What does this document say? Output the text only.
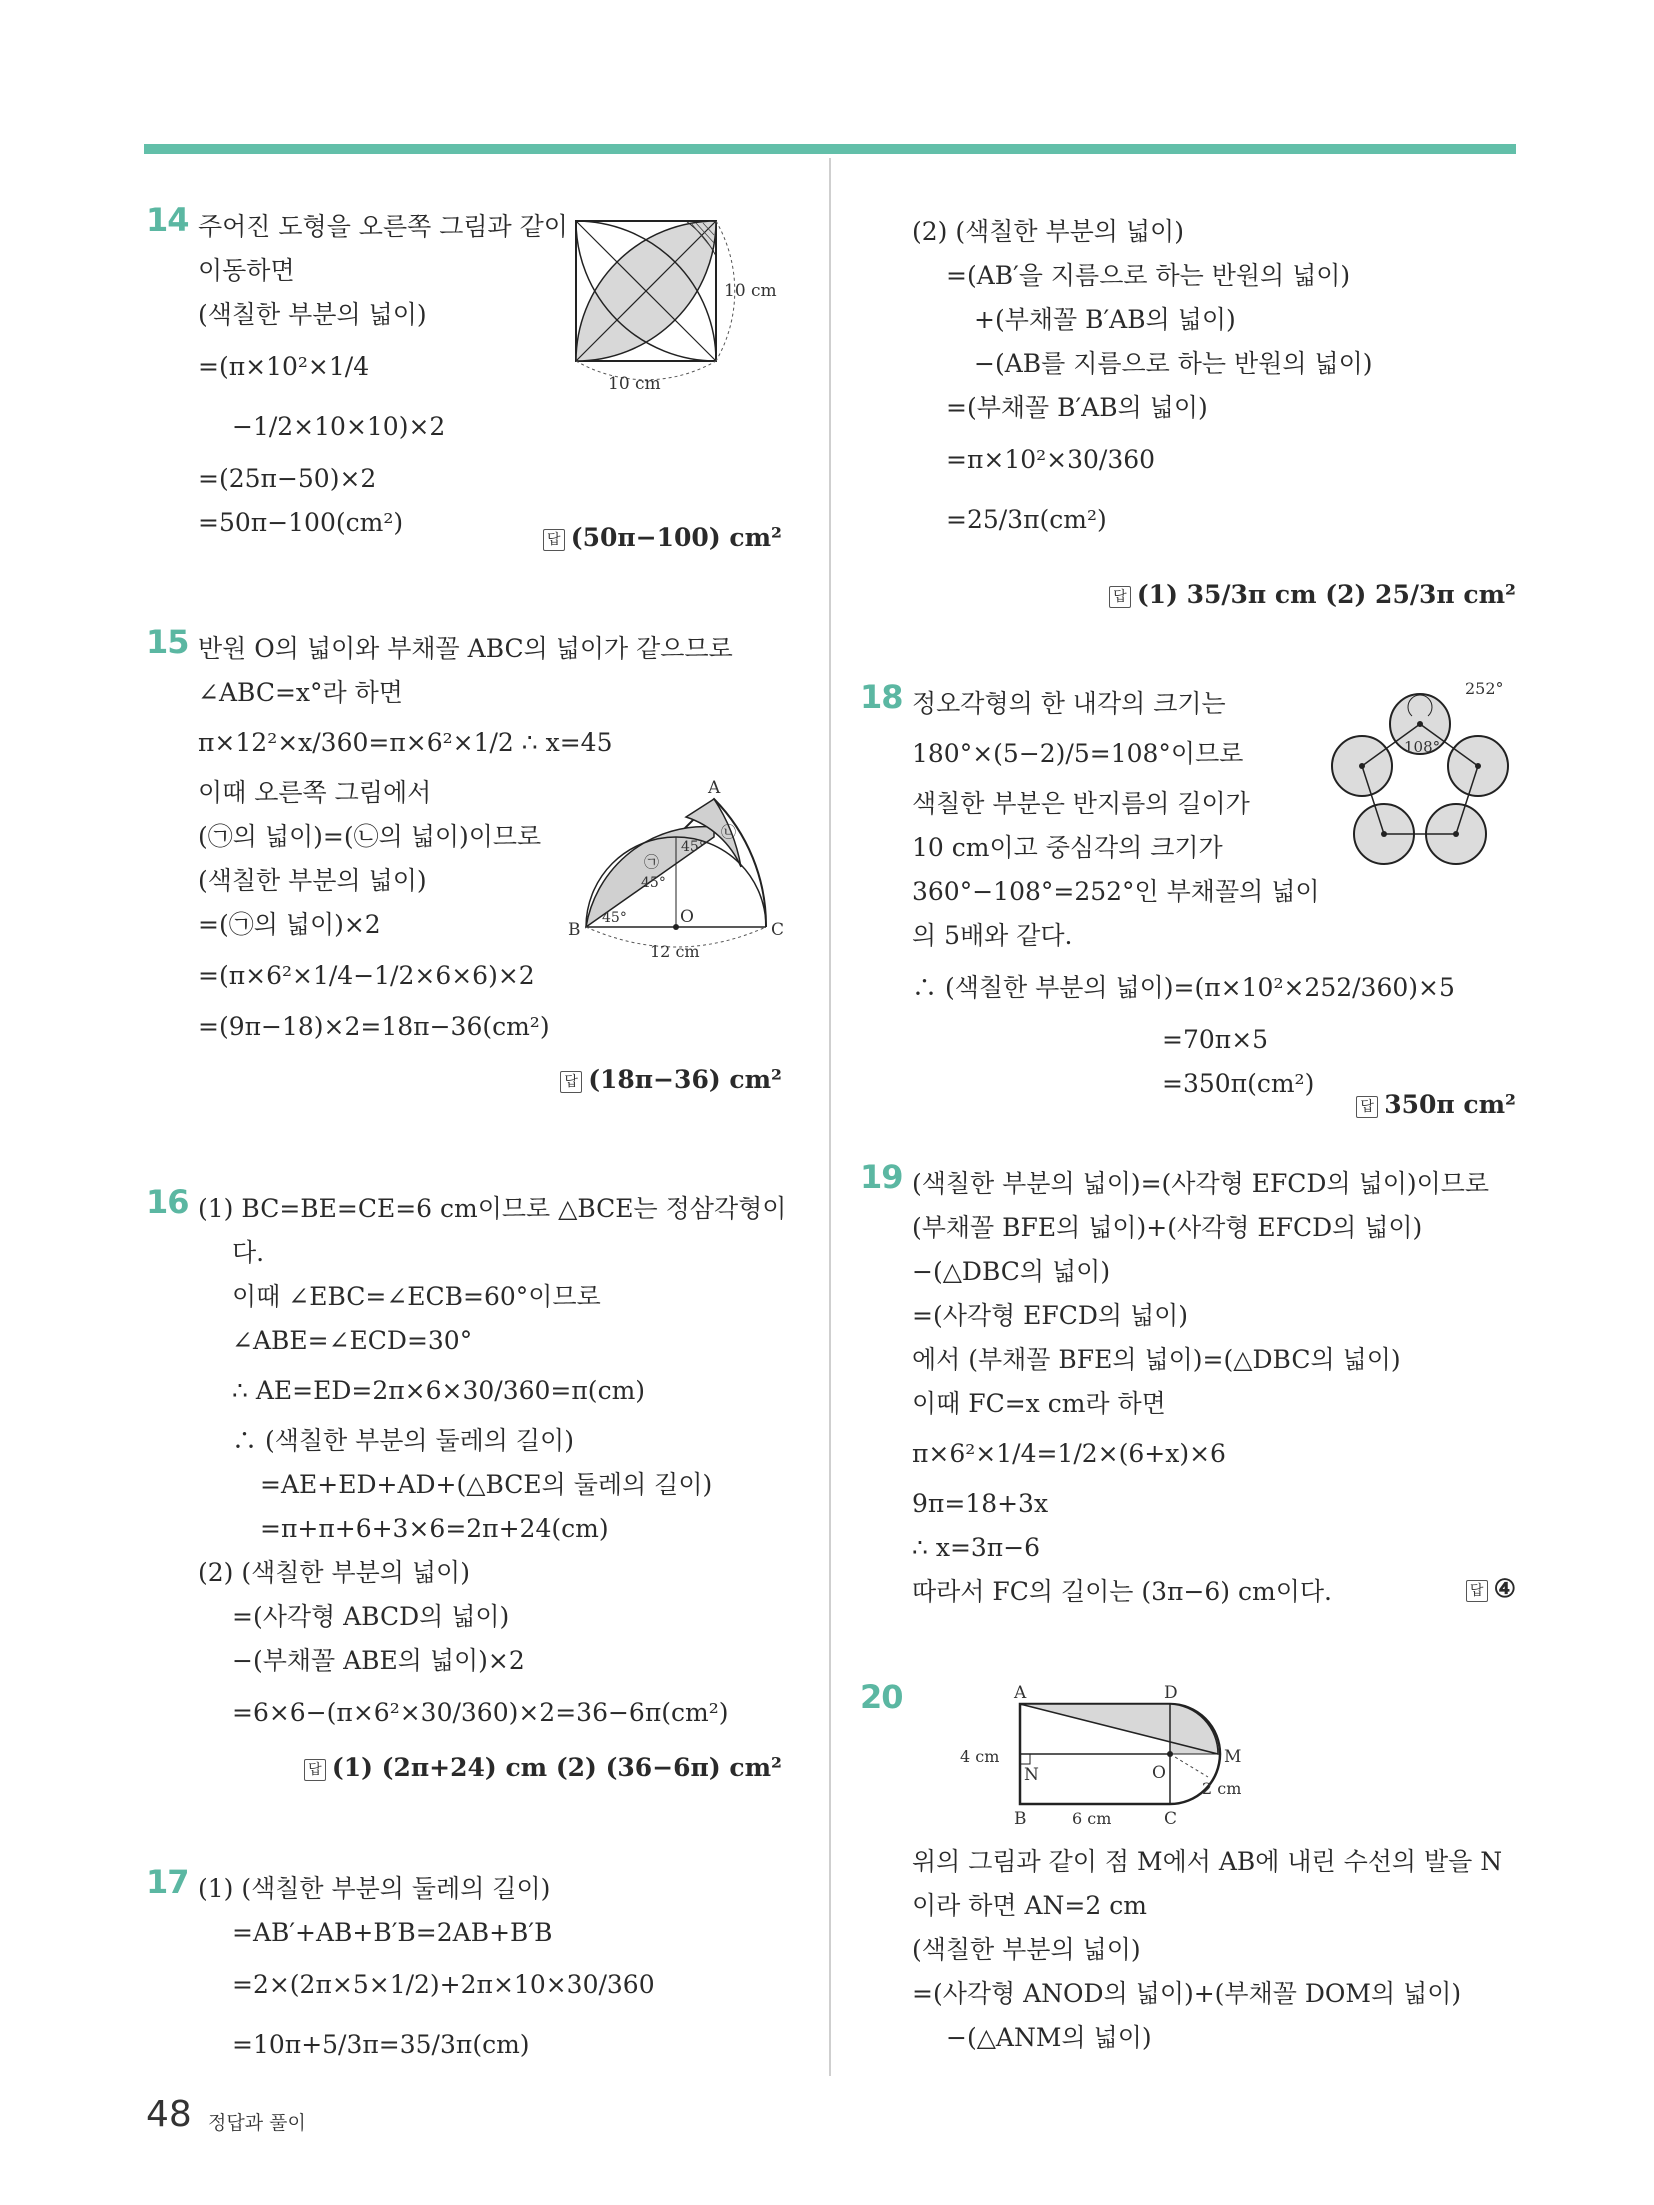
14 주어진 도형을 오른쪽 그림과 같이
이동하면
(색칠한 부분의 넓이)
=(π×10²×1/4
−1/2×10×10)×2
=(25π−50)×2
=50π−100(cm²)
답 (50π−100) cm²
10 cm
10 cm
15 반원 O의 넓이와 부채꼴 ABC의 넓이가 같으므로
∠ABC=x°라 하면
π×12²×x/360=π×6²×1/2 ∴ x=45
이때 오른쪽 그림에서
(㉠의 넓이)=(㉡의 넓이)이므로
(색칠한 부분의 넓이)
=(㉠의 넓이)×2
=(π×6²×1/4−1/2×6×6)×2
=(9π−18)×2=18π−36(cm²)
답 (18π−36) cm²
A
B	C
O
45°
45°
45°
㉠
㉡
12 cm
16 (1) BC=BE=CE=6 cm이므로 △BCE는 정삼각형이
다.
이때 ∠EBC=∠ECB=60°이므로
∠ABE=∠ECD=30°
∴ AE=ED=2π×6×30/360=π(cm)
∴ (색칠한 부분의 둘레의 길이)
=AE+ED+AD+(△BCE의 둘레의 길이)
=π+π+6+3×6=2π+24(cm)
(2) (색칠한 부분의 넓이)
=(사각형 ABCD의 넓이)
−(부채꼴 ABE의 넓이)×2
=6×6−(π×6²×30/360)×2=36−6π(cm²)
답 (1) (2π+24) cm (2) (36−6π) cm²
17 (1) (색칠한 부분의 둘레의 길이)
=AB′+AB+B′B=2AB+B′B
=2×(2π×5×1/2)+2π×10×30/360
=10π+5/3π=35/3π(cm)
(2) (색칠한 부분의 넓이)
=(AB′을 지름으로 하는 반원의 넓이)
+(부채꼴 B′AB의 넓이)
−(AB를 지름으로 하는 반원의 넓이)
=(부채꼴 B′AB의 넓이)
=π×10²×30/360
=25/3π(cm²)
답 (1) 35/3π cm (2) 25/3π cm²
18 정오각형의 한 내각의 크기는
180°×(5−2)/5=108°이므로
색칠한 부분은 반지름의 길이가
10 cm이고 중심각의 크기가
360°−108°=252°인 부채꼴의 넓이
의 5배와 같다.
∴ (색칠한 부분의 넓이)=(π×10²×252/360)×5
=70π×5
=350π(cm²)
답 350π cm²
252°
108°
19 (색칠한 부분의 넓이)=(사각형 EFCD의 넓이)이므로
(부채꼴 BFE의 넓이)+(사각형 EFCD의 넓이)
−(△DBC의 넓이)
=(사각형 EFCD의 넓이)
에서 (부채꼴 BFE의 넓이)=(△DBC의 넓이)
이때 FC=x cm라 하면
π×6²×1/4=1/2×(6+x)×6
9π=18+3x
∴ x=3π−6
따라서 FC의 길이는 (3π−6) cm이다.	답 ④
20	A	D
B	C
N	O
M
4 cm
6 cm
2 cm
위의 그림과 같이 점 M에서 AB에 내린 수선의 발을 N
이라 하면 AN=2 cm
(색칠한 부분의 넓이)
=(사각형 ANOD의 넓이)+(부채꼴 DOM의 넓이)
−(△ANM의 넓이)
48 정답과 풀이
